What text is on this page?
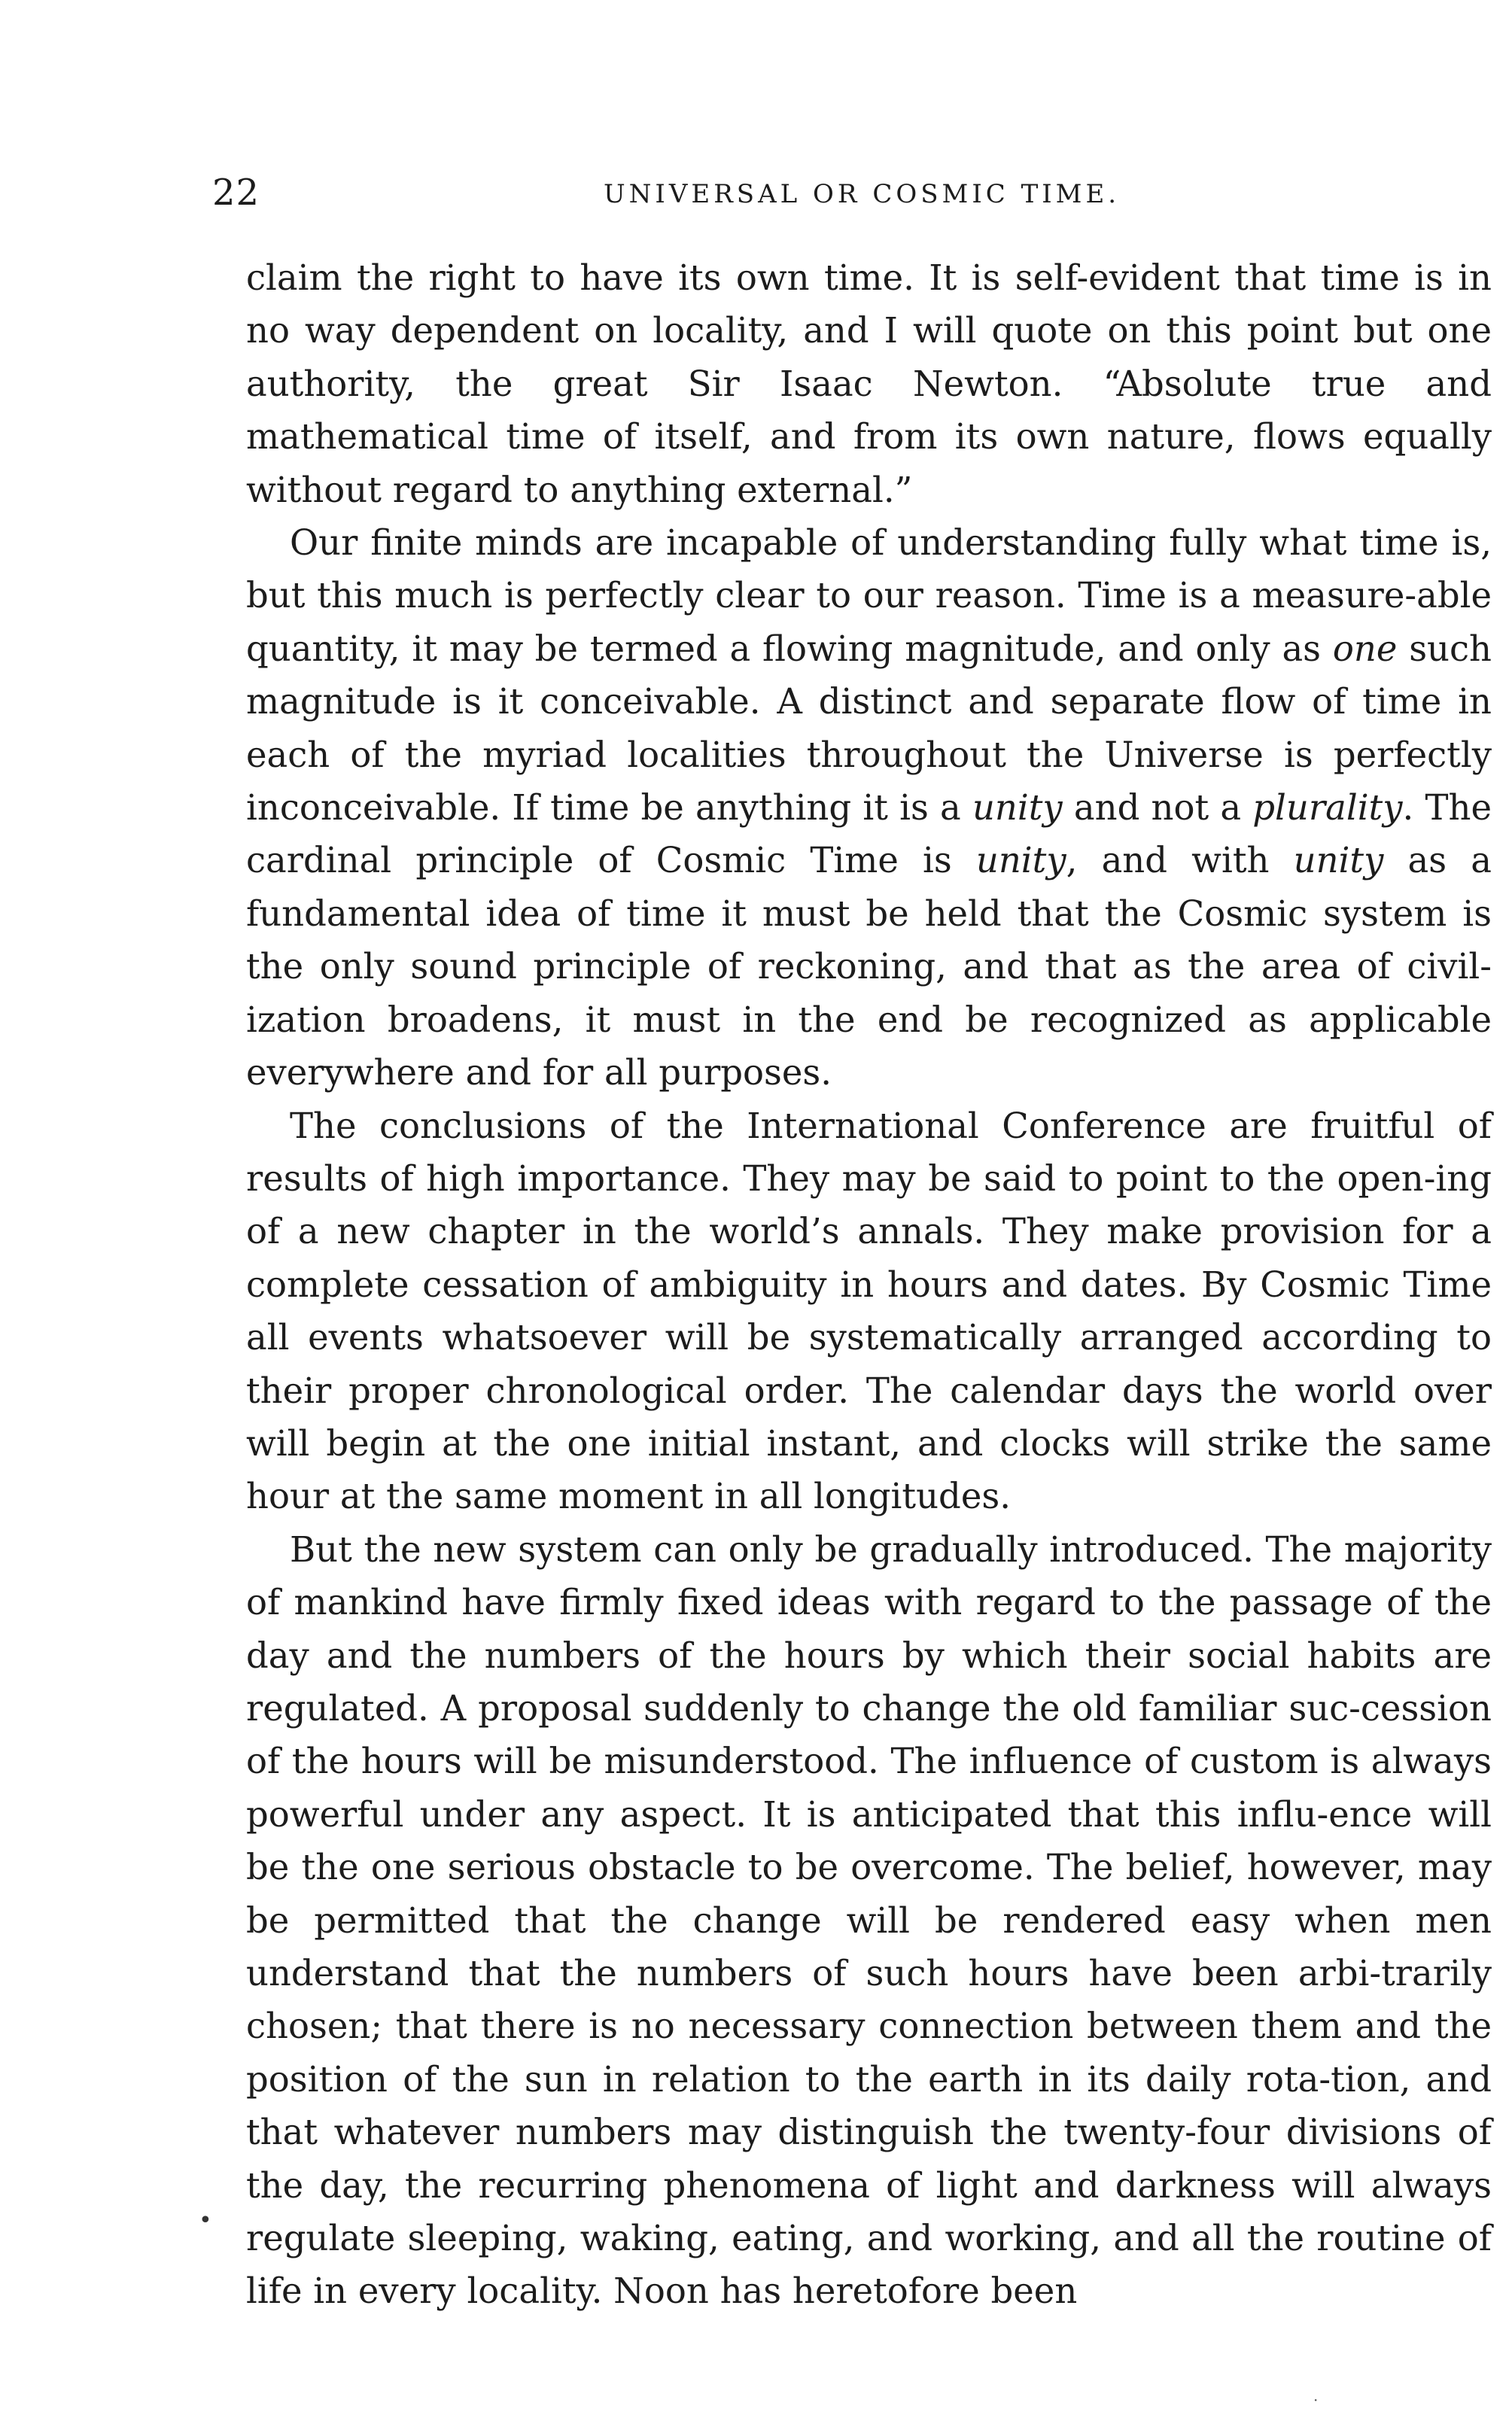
22	UNIVERSAL OR COSMIC TIME.

claim the right to have its own time. It is self-evident that time is in no way dependent on locality, and I will quote on this point but one authority, the great Sir Isaac Newton. “Absolute true and mathematical time of itself, and from its own nature, flows equally without regard to anything external.”

Our finite minds are incapable of understanding fully what time is, but this much is perfectly clear to our reason. Time is a measure-able quantity, it may be termed a flowing magnitude, and only as one such magnitude is it conceivable. A distinct and separate flow of time in each of the myriad localities throughout the Universe is perfectly inconceivable. If time be anything it is a unity and not a plurality. The cardinal principle of Cosmic Time is unity, and with unity as a fundamental idea of time it must be held that the Cosmic system is the only sound principle of reckoning, and that as the area of civil-ization broadens, it must in the end be recognized as applicable everywhere and for all purposes.

The conclusions of the International Conference are fruitful of results of high importance. They may be said to point to the open-ing of a new chapter in the world’s annals. They make provision for a complete cessation of ambiguity in hours and dates. By Cosmic Time all events whatsoever will be systematically arranged according to their proper chronological order. The calendar days the world over will begin at the one initial instant, and clocks will strike the same hour at the same moment in all longitudes.

But the new system can only be gradually introduced. The majority of mankind have firmly fixed ideas with regard to the passage of the day and the numbers of the hours by which their social habits are regulated. A proposal suddenly to change the old familiar suc-cession of the hours will be misunderstood. The influence of custom is always powerful under any aspect. It is anticipated that this influ-ence will be the one serious obstacle to be overcome. The belief, however, may be permitted that the change will be rendered easy when men understand that the numbers of such hours have been arbi-trarily chosen; that there is no necessary connection between them and the position of the sun in relation to the earth in its daily rota-tion, and that whatever numbers may distinguish the twenty-four divisions of the day, the recurring phenomena of light and darkness will always regulate sleeping, waking, eating, and working, and all the routine of life in every locality. Noon has heretofore been

•
·
